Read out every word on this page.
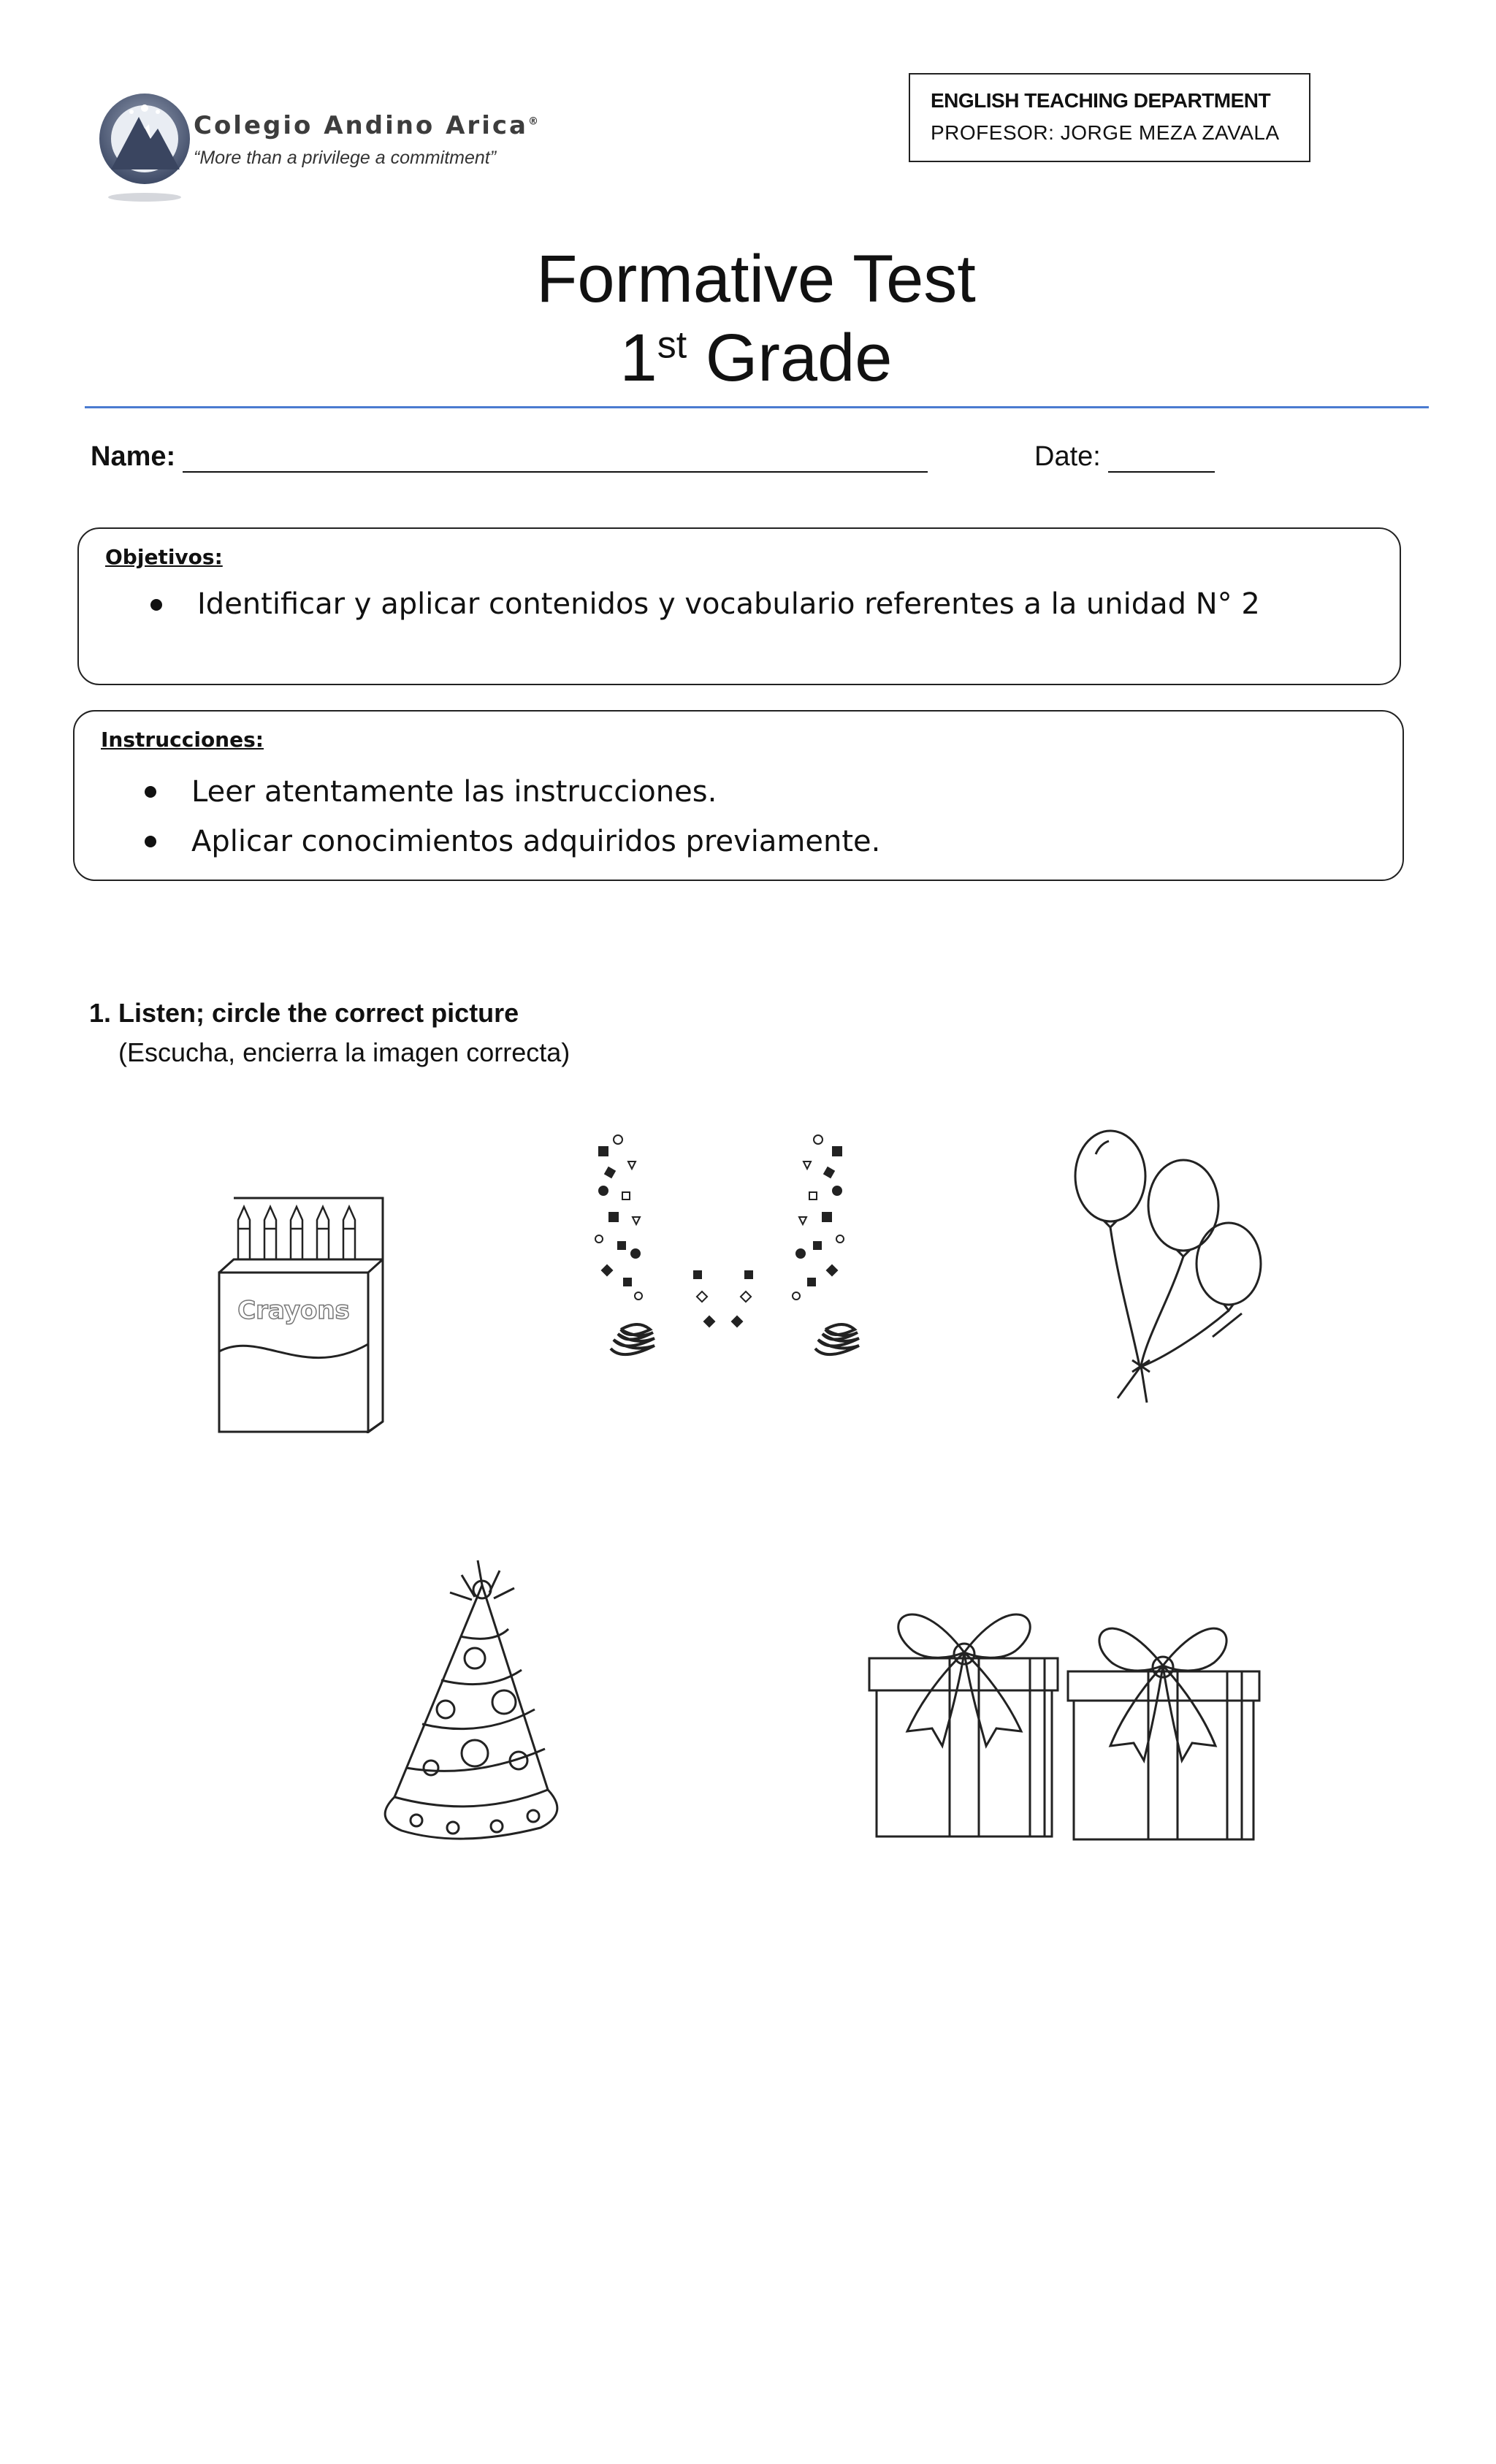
Colegio Andino Arica®
“More than a privilege a commitment”
ENGLISH TEACHING DEPARTMENT
PROFESOR: JORGE MEZA ZAVALA
Formative Test
1st Grade
Name:	Date:
Objetivos:
Identificar y aplicar contenidos y vocabulario referentes a la unidad N° 2
Instrucciones:
Leer atentamente las instrucciones.
Aplicar conocimientos adquiridos previamente.
1. Listen; circle the correct picture
(Escucha, encierra la imagen correcta)
Crayons
